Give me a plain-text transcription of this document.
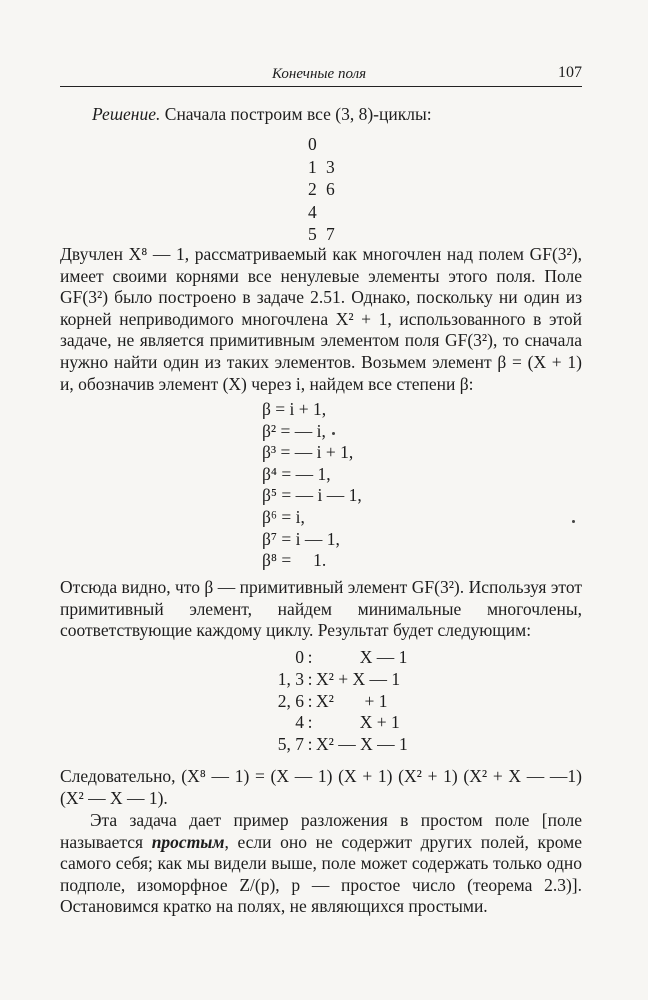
Конечные поля	107

Решение. Сначала построим все (3, 8)-циклы:

0
1 3
2 6
4
5 7

Двучлен X⁸ — 1, рассматриваемый как многочлен над полем GF(3²), имеет своими корнями все ненулевые элементы этого поля. Поле GF(3²) было построено в задаче 2.51. Однако, поскольку ни один из корней неприводимого многочлена X² + 1, использованного в этой задаче, не является примитивным элементом поля GF(3²), то сначала нужно найти один из таких элементов. Возьмем элемент β = (X + 1) и, обозначив элемент (X) через i, найдем все степени β:

β = i + 1,
β² = — i,
β³ = — i + 1,
β⁴ = — 1,
β⁵ = — i — 1,
β⁶ = i,
β⁷ = i — 1,
β⁸ =     1.

Отсюда видно, что β — примитивный элемент GF(3²). Используя этот примитивный элемент, найдем минимальные многочлены, соответствующие каждому циклу. Результат будет следующим:

0 :          X — 1
1, 3 : X² + X — 1
2, 6 : X²       + 1
4 :          X + 1
5, 7 : X² — X — 1

Следовательно, (X⁸ — 1) = (X — 1) (X + 1) (X² + 1) (X² + X — —1) (X² — X — 1).

Эта задача дает пример разложения в простом поле [поле называется простым, если оно не содержит других полей, кроме самого себя; как мы видели выше, поле может содержать только одно подполе, изоморфное Z/(p), p — простое число (теорема 2.3)]. Остановимся кратко на полях, не являющихся простыми.
